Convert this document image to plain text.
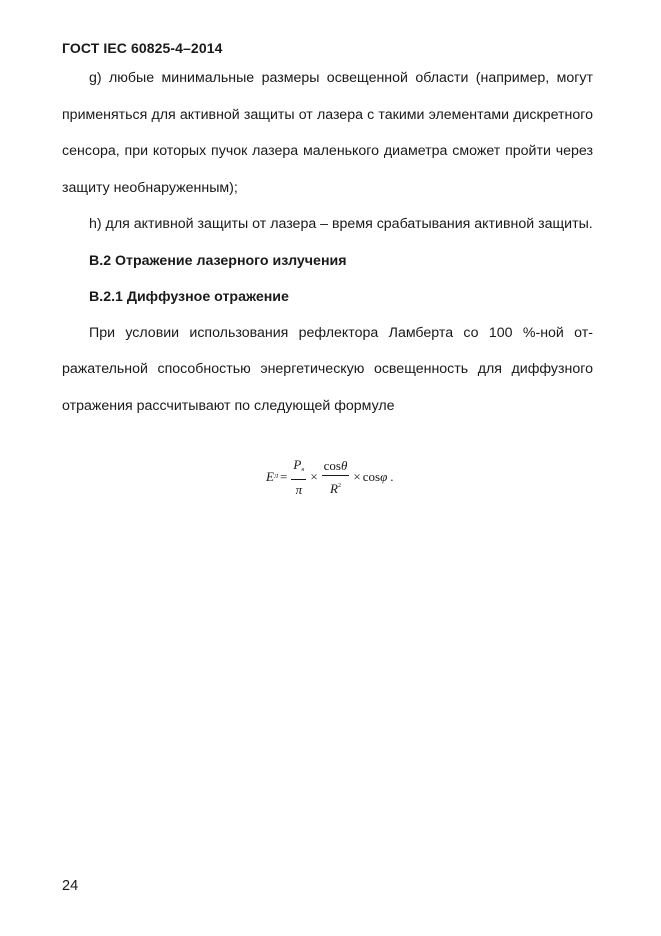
ГОСТ IEC 60825-4–2014

g) любые минимальные размеры освещенной области (например, могут применяться для активной защиты от лазера с такими элементами дискретного сенсора, при которых пучок лазера маленького диаметра сможет пройти через защиту необнаруженным);

h) для активной защиты от лазера – время срабатывания активной защиты.

B.2 Отражение лазерного излучения

B.2.1 Диффузное отражение

При условии использования рефлектора Ламберта со 100 %-ной отражательной способностью энергетическую освещенность для диффузного отражения рассчитывают по следующей формуле

E $Л = \frac{P_н}{\pi} \times \frac{\cos\theta}{R^2} \times \cos \varphi$ .
24
